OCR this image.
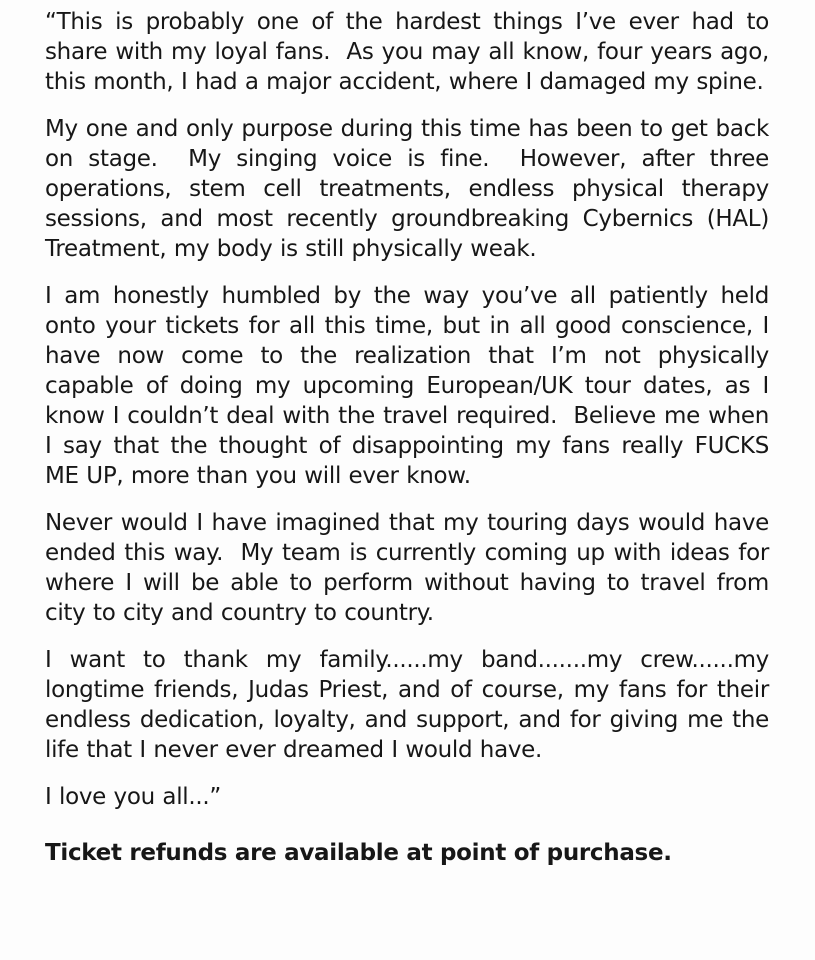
“This is probably one of the hardest things I’ve ever had to share with my loyal fans.  As you may all know, four years ago, this month, I had a major accident, where I damaged my spine.

My one and only purpose during this time has been to get back on stage.  My singing voice is fine.  However, after three operations, stem cell treatments, endless physical therapy sessions, and most recently groundbreaking Cybernics (HAL) Treatment, my body is still physically weak.

I am honestly humbled by the way you’ve all patiently held onto your tickets for all this time, but in all good conscience, I have now come to the realization that I’m not physically capable of doing my upcoming European/UK tour dates, as I know I couldn’t deal with the travel required.  Believe me when I say that the thought of disappointing my fans really FUCKS ME UP, more than you will ever know.

Never would I have imagined that my touring days would have ended this way.  My team is currently coming up with ideas for where I will be able to perform without having to travel from city to city and country to country.

I want to thank my family......my band.......my crew......my longtime friends, Judas Priest, and of course, my fans for their endless dedication, loyalty, and support, and for giving me the life that I never ever dreamed I would have.

I love you all...”

Ticket refunds are available at point of purchase.
